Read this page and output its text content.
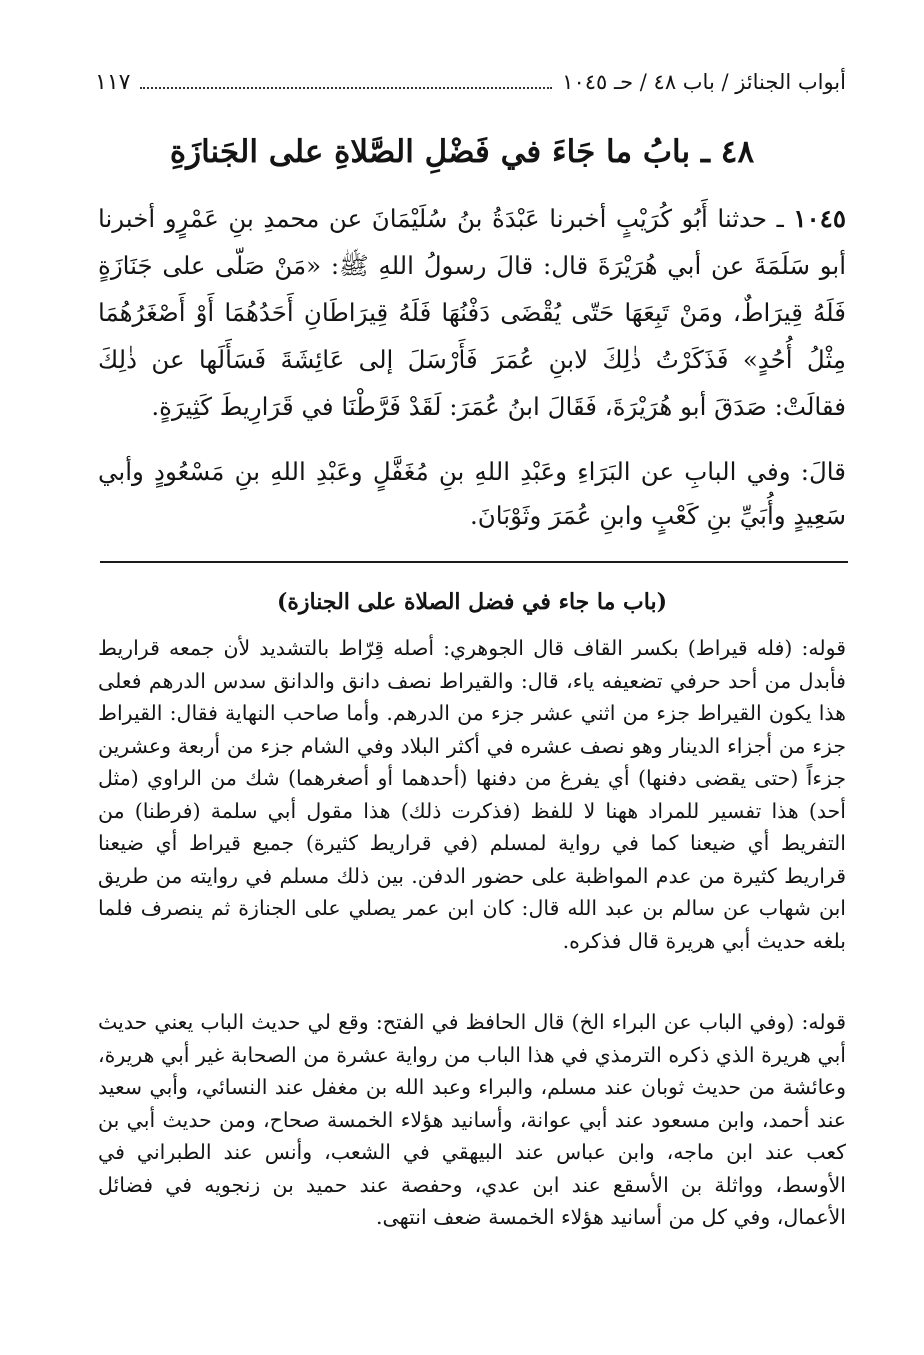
أبواب الجنائز / باب ٤٨ / حـ ١٠٤٥
١١٧
٤٨ ـ بابُ ما جَاءَ في فَضْلِ الصَّلاةِ على الجَنازَةِ

١٠٤٥ ـ حدثنا أَبُو كُرَيْبٍ أخبرنا عَبْدَةُ بنُ سُلَيْمَانَ عن محمدِ بنِ عَمْرٍو أخبرنا أبو سَلَمَةَ عن أبي هُرَيْرَةَ قال: قالَ رسولُ اللهِ ﷺ: «مَنْ صَلّى على جَنَازَةٍ فَلَهُ قِيرَاطٌ، ومَنْ تَبِعَهَا حَتّى يُقْضَى دَفْنُهَا فَلَهُ قِيرَاطَانِ أَحَدُهُمَا أَوْ أَصْغَرُهُمَا مِثْلُ أُحُدٍ» فَذَكَرْتُ ذٰلِكَ لابنِ عُمَرَ فَأَرْسَلَ إلى عَائِشَةَ فَسَأَلَها عن ذٰلِكَ فقالَتْ: صَدَقَ أبو هُرَيْرَةَ، فَقَالَ ابنُ عُمَرَ: لَقَدْ فَرَّطْنَا في قَرَارِيطَ كَثِيرَةٍ.

قالَ: وفي البابِ عن البَرَاءِ وعَبْدِ اللهِ بنِ مُغَفَّلٍ وعَبْدِ اللهِ بنِ مَسْعُودٍ وأبي سَعِيدٍ وأُبَيِّ بنِ كَعْبٍ وابنِ عُمَرَ وثَوْبَانَ.

(باب ما جاء في فضل الصلاة على الجنازة)

قوله: (فله قيراط) بكسر القاف قال الجوهري: أصله قِرّاط بالتشديد لأن جمعه قراريط فأبدل من أحد حرفي تضعيفه ياء، قال: والقيراط نصف دانق والدانق سدس الدرهم فعلى هذا يكون القيراط جزء من اثني عشر جزء من الدرهم. وأما صاحب النهاية فقال: القيراط جزء من أجزاء الدينار وهو نصف عشره في أكثر البلاد وفي الشام جزء من أربعة وعشرين جزءاً (حتى يقضى دفنها) أي يفرغ من دفنها (أحدهما أو أصغرهما) شك من الراوي (مثل أحد) هذا تفسير للمراد ههنا لا للفظ (فذكرت ذلك) هذا مقول أبي سلمة (فرطنا) من التفريط أي ضيعنا كما في رواية لمسلم (في قراريط كثيرة) جميع قيراط أي ضيعنا قراريط كثيرة من عدم المواظبة على حضور الدفن. بين ذلك مسلم في روايته من طريق ابن شهاب عن سالم بن عبد الله قال: كان ابن عمر يصلي على الجنازة ثم ينصرف فلما بلغه حديث أبي هريرة قال فذكره.

قوله: (وفي الباب عن البراء الخ) قال الحافظ في الفتح: وقع لي حديث الباب يعني حديث أبي هريرة الذي ذكره الترمذي في هذا الباب من رواية عشرة من الصحابة غير أبي هريرة، وعائشة من حديث ثوبان عند مسلم، والبراء وعبد الله بن مغفل عند النسائي، وأبي سعيد عند أحمد، وابن مسعود عند أبي عوانة، وأسانيد هؤلاء الخمسة صحاح، ومن حديث أبي بن كعب عند ابن ماجه، وابن عباس عند البيهقي في الشعب، وأنس عند الطبراني في الأوسط، وواثلة بن الأسقع عند ابن عدي، وحفصة عند حميد بن زنجويه في فضائل الأعمال، وفي كل من أسانيد هؤلاء الخمسة ضعف انتهى.
